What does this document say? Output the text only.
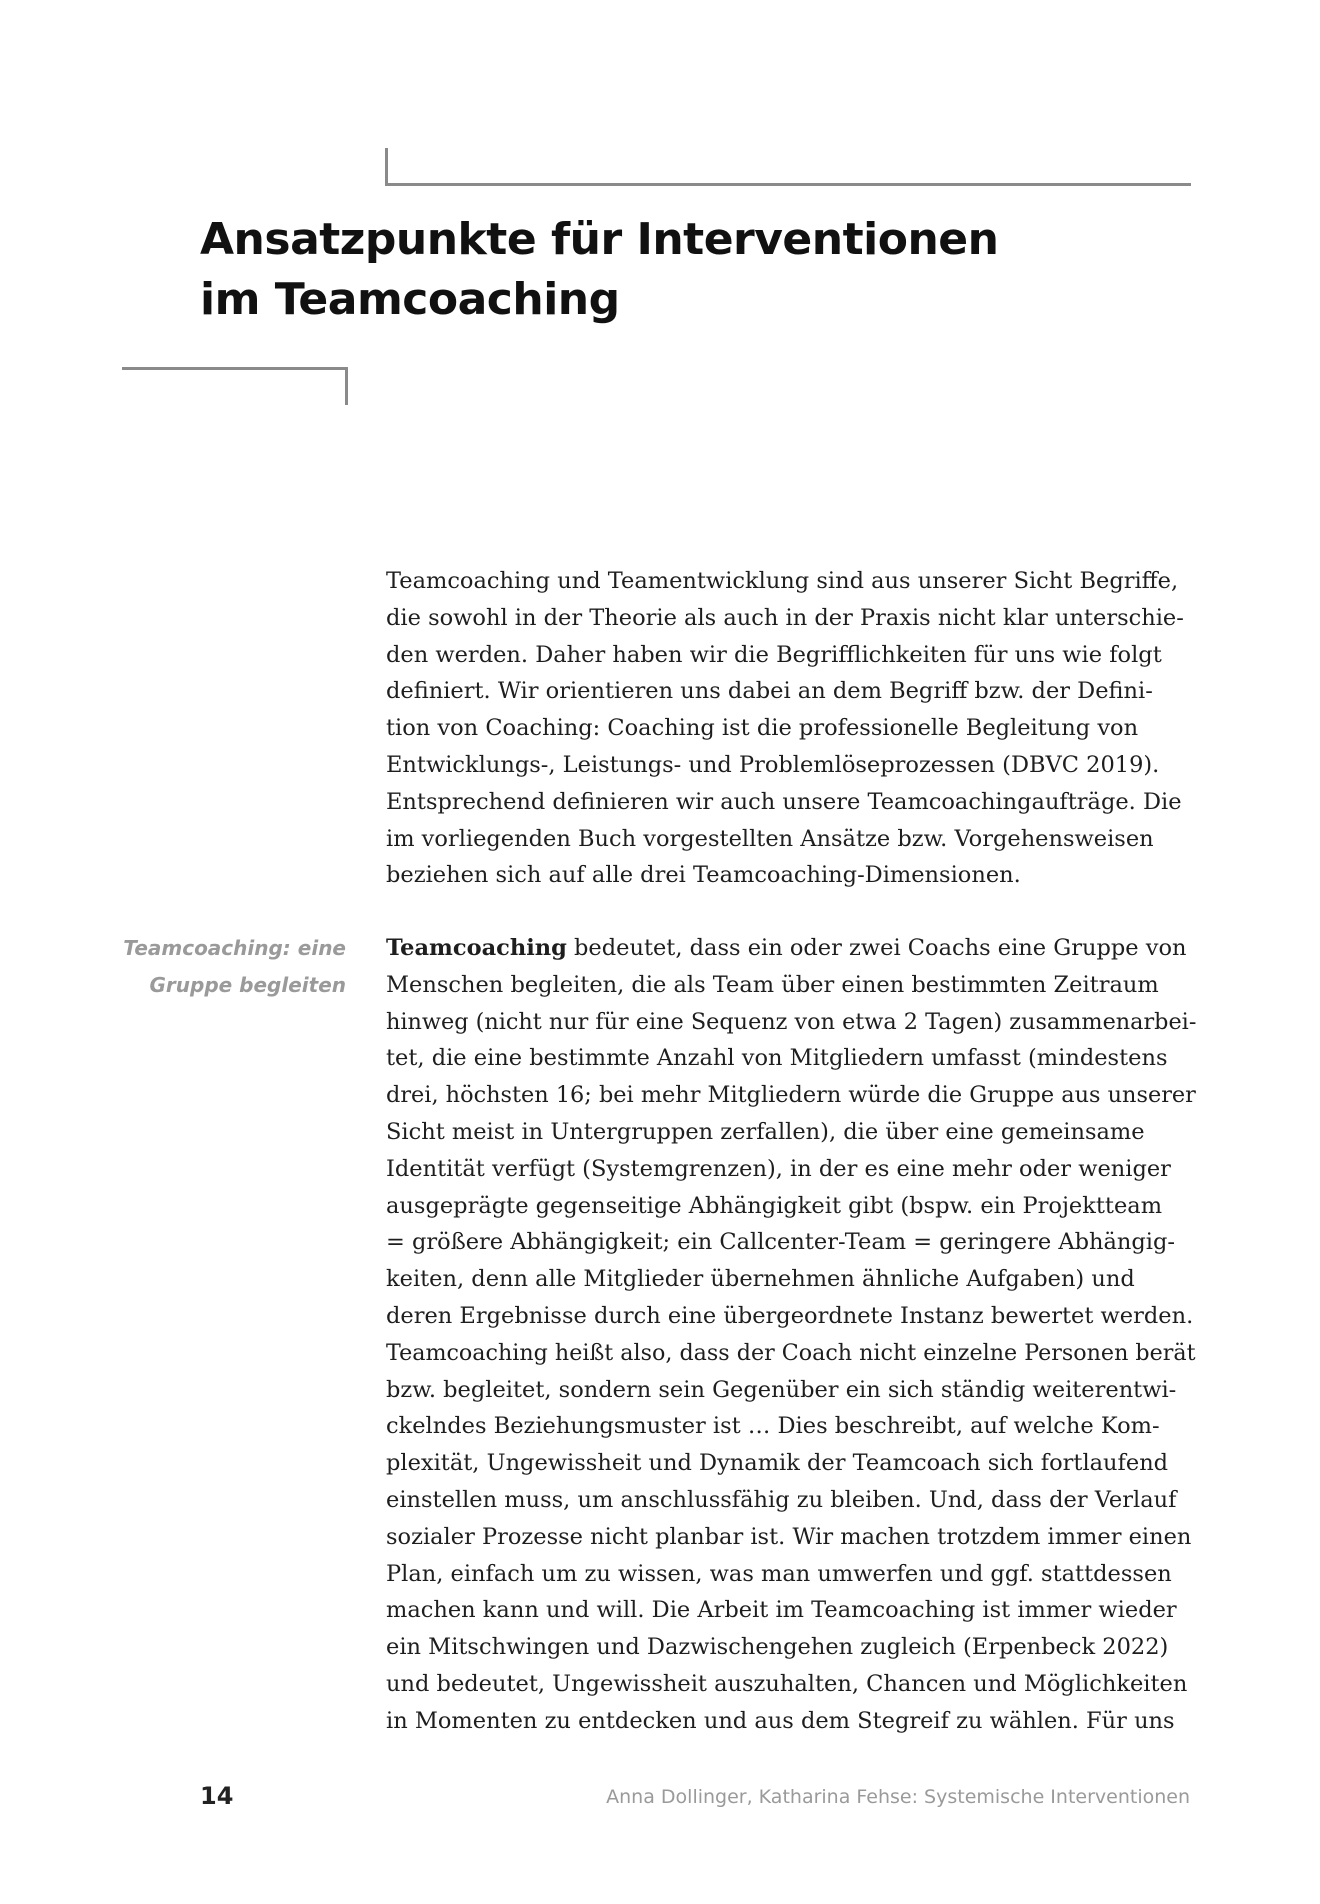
Ansatzpunkte für Interventionen
im Teamcoaching
Teamcoaching und Teamentwicklung sind aus unserer Sicht Begriffe,
die sowohl in der Theorie als auch in der Praxis nicht klar unterschie-
den werden. Daher haben wir die Begrifflichkeiten für uns wie folgt
definiert. Wir orientieren uns dabei an dem Begriff bzw. der Defini-
tion von Coaching: Coaching ist die professionelle Begleitung von
Entwicklungs-, Leistungs- und Problemlöseprozessen (DBVC 2019).
Entsprechend definieren wir auch unsere Teamcoachingaufträge. Die
im vorliegenden Buch vorgestellten Ansätze bzw. Vorgehensweisen
beziehen sich auf alle drei Teamcoaching-Dimensionen.
Teamcoaching: eine
Gruppe begleiten
Teamcoaching bedeutet, dass ein oder zwei Coachs eine Gruppe von
Menschen begleiten, die als Team über einen bestimmten Zeitraum
hinweg (nicht nur für eine Sequenz von etwa 2 Tagen) zusammenarbei-
tet, die eine bestimmte Anzahl von Mitgliedern umfasst (mindestens
drei, höchsten 16; bei mehr Mitgliedern würde die Gruppe aus unserer
Sicht meist in Untergruppen zerfallen), die über eine gemeinsame
Identität verfügt (Systemgrenzen), in der es eine mehr oder weniger
ausgeprägte gegenseitige Abhängigkeit gibt (bspw. ein Projektteam
= größere Abhängigkeit; ein Callcenter-Team = geringere Abhängig-
keiten, denn alle Mitglieder übernehmen ähnliche Aufgaben) und
deren Ergebnisse durch eine übergeordnete Instanz bewertet werden.
Teamcoaching heißt also, dass der Coach nicht einzelne Personen berät
bzw. begleitet, sondern sein Gegenüber ein sich ständig weiterentwi-
ckelndes Beziehungsmuster ist … Dies beschreibt, auf welche Kom-
plexität, Ungewissheit und Dynamik der Teamcoach sich fortlaufend
einstellen muss, um anschlussfähig zu bleiben. Und, dass der Verlauf
sozialer Prozesse nicht planbar ist. Wir machen trotzdem immer einen
Plan, einfach um zu wissen, was man umwerfen und ggf. stattdessen
machen kann und will. Die Arbeit im Teamcoaching ist immer wieder
ein Mitschwingen und Dazwischengehen zugleich (Erpenbeck 2022)
und bedeutet, Ungewissheit auszuhalten, Chancen und Möglichkeiten
in Momenten zu entdecken und aus dem Stegreif zu wählen. Für uns
14	Anna Dollinger, Katharina Fehse: Systemische Interventionen
